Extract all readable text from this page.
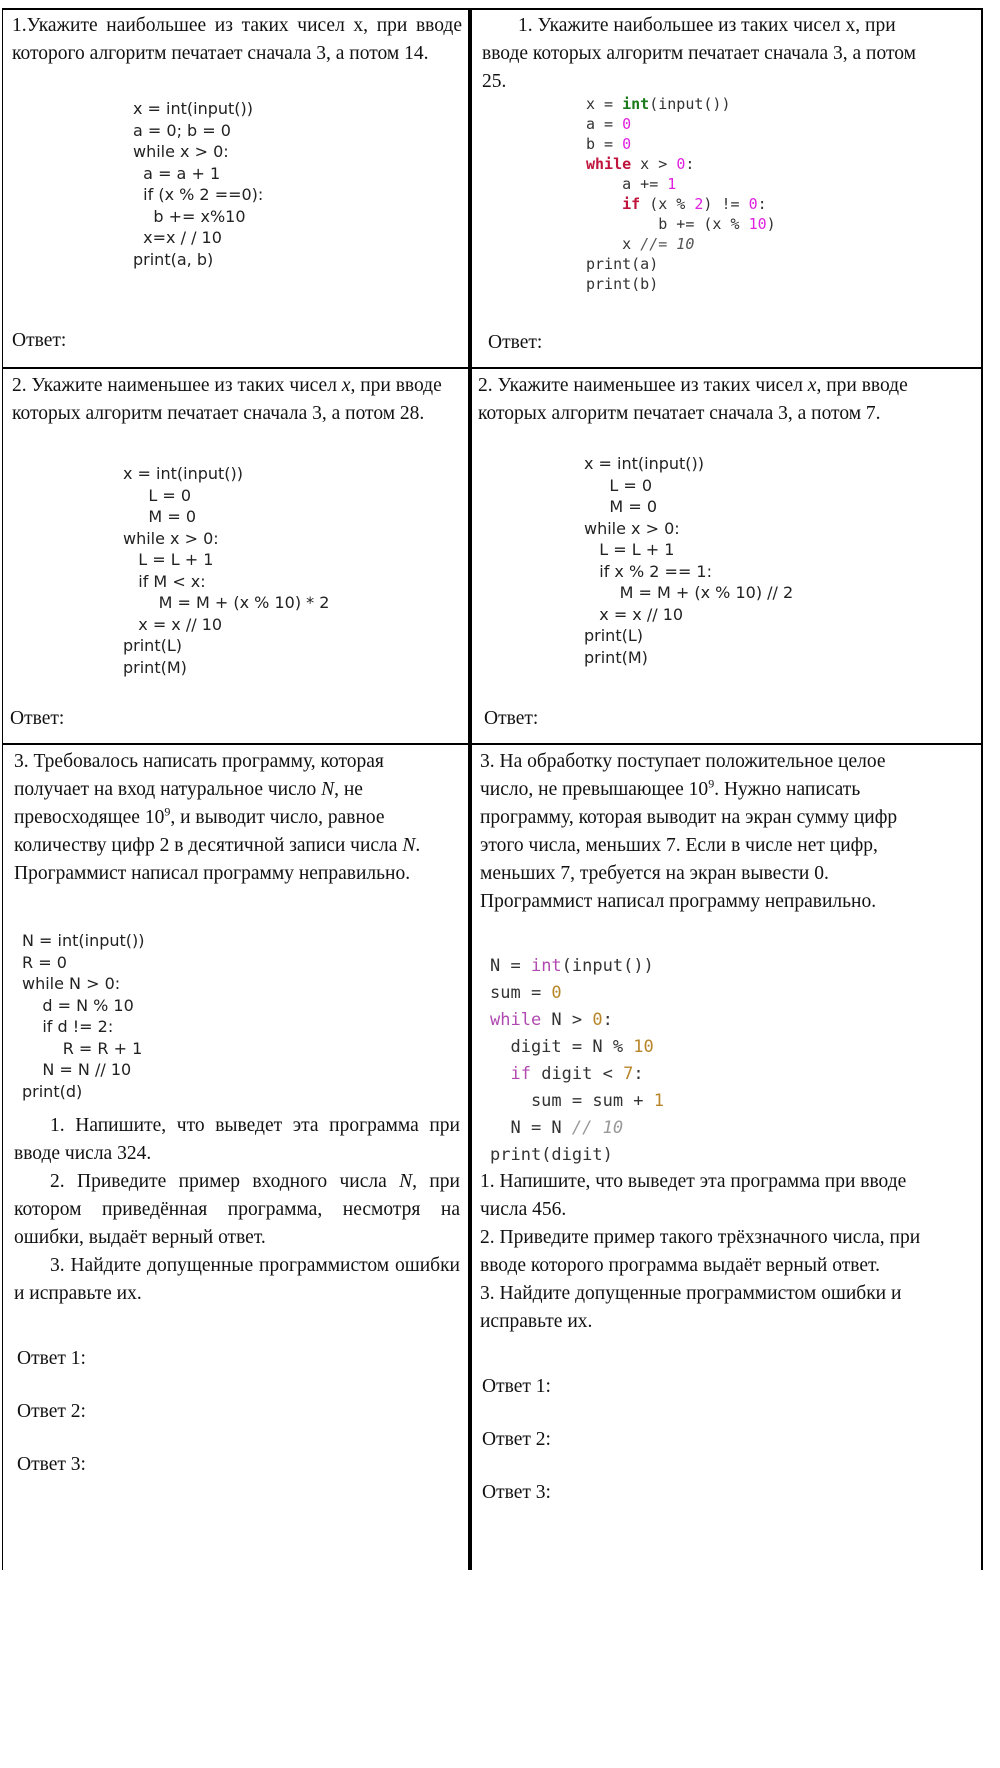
1.Укажите наибольшее из таких чисел x, при вводе которого алгоритм печатает сначала 3, а потом 14.

x = int(input())
a = 0; b = 0
while x > 0:
a = a + 1
if (x % 2 ==0):
b += x%10
x=x / / 10
print(a, b)

Ответ:

1. Укажите наибольшее из таких чисел x, при вводе которых алгоритм печатает сначала 3, а потом 25.

x = int(input())
a = 0
b = 0
while x > 0:
a += 1
if (x % 2) != 0:
b += (x % 10)
x //= 10
print(a)
print(b)

Ответ:

2. Укажите наименьшее из таких чисел x, при вводе которых алгоритм печатает сначала 3, а потом 28.

x = int(input())
L = 0
M = 0
while x > 0:
L = L + 1
if M < x:
M = M + (x % 10) * 2
x = x // 10
print(L)
print(M)

Ответ:

2. Укажите наименьшее из таких чисел x, при вводе которых алгоритм печатает сначала 3, а потом 7.

x = int(input())
L = 0
M = 0
while x > 0:
L = L + 1
if x % 2 == 1:
M = M + (x % 10) // 2
x = x // 10
print(L)
print(M)

Ответ:

3. Требовалось написать программу, которая получает на вход натуральное число N, не превосходящее $10^9$, и выводит число, равное количеству цифр 2 в десятичной записи числа N. Программист написал программу неправильно.

N = int(input())
R = 0
while N > 0:
d = N % 10
if d != 2:
R = R + 1
N = N // 10
print(d)

1. Напишите, что выведет эта программа при вводе числа 324.

2. Приведите пример входного числа N, при котором приведённая программа, несмотря на ошибки, выдаёт верный ответ.

3. Найдите допущенные программистом ошибки и исправьте их.

Ответ 1:

Ответ 2:

Ответ 3:

3. На обработку поступает положительное целое число, не превышающее $10^9$. Нужно написать программу, которая выводит на экран сумму цифр этого числа, меньших 7. Если в числе нет цифр, меньших 7, требуется на экран вывести 0. Программист написал программу неправильно.

N = int(input())
sum = 0
while N > 0:
digit = N % 10
if digit < 7:
sum = sum + 1
N = N // 10
print(digit)

1. Напишите, что выведет эта программа при вводе числа 456.

2. Приведите пример такого трёхзначного числа, при вводе которого программа выдаёт верный ответ.

3. Найдите допущенные программистом ошибки и исправьте их.

Ответ 1:

Ответ 2:

Ответ 3:
